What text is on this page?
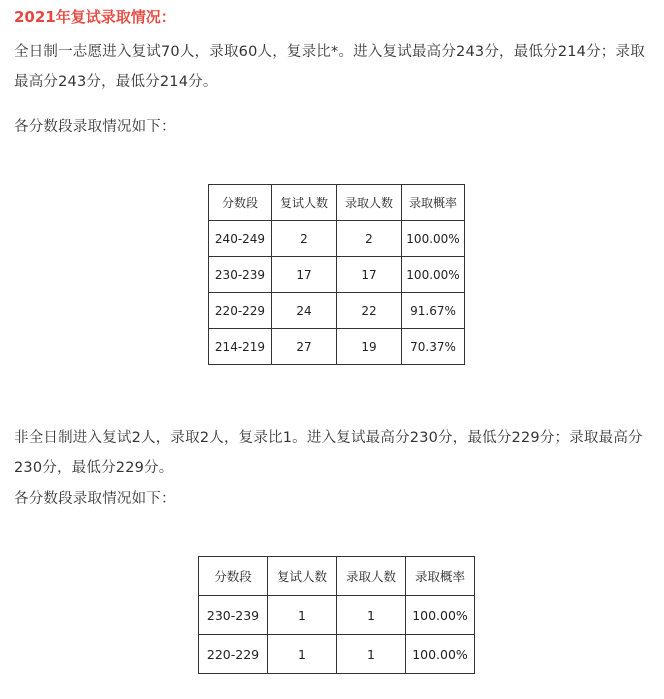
2021年复试录取情况：
全日制一志愿进入复试70人，录取60人，复录比*。进入复试最高分243分，最低分214分；录取最高分243分，最低分214分。
各分数段录取情况如下：
分数段	复试人数	录取人数	录取概率
240-249	2	2	100.00%
230-239	17	17	100.00%
220-229	24	22	91.67%
214-219	27	19	70.37%
非全日制进入复试2人，录取2人，复录比1。进入复试最高分230分，最低分229分；录取最高分230分，最低分229分。
各分数段录取情况如下：
分数段	复试人数	录取人数	录取概率
230-239	1	1	100.00%
220-229	1	1	100.00%
